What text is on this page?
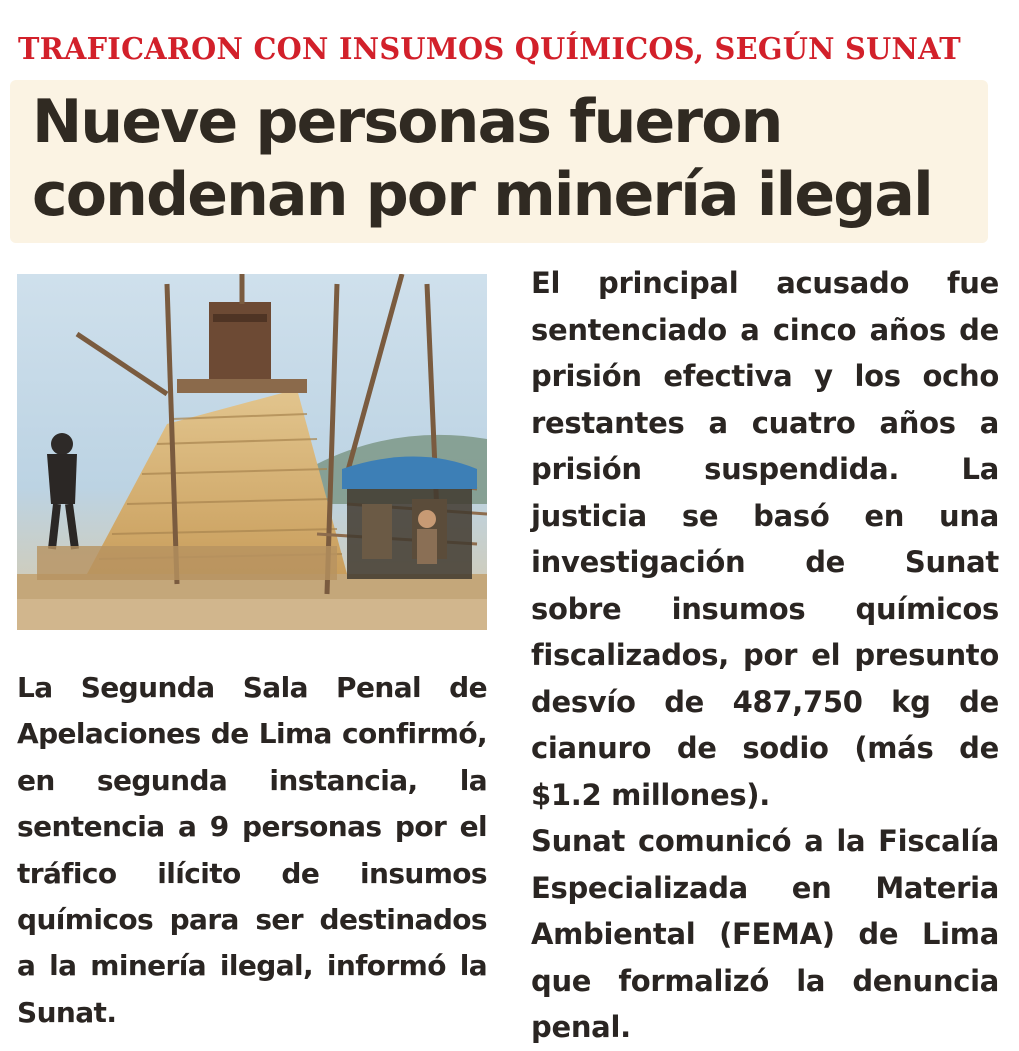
TRAFICARON CON INSUMOS QUÍMICOS, SEGÚN SUNAT
Nueve personas fueron
condenan por minería ilegal

La Segunda Sala Penal de Apelaciones de Lima confirmó, en segunda instancia, la sentencia a 9 personas por el tráfico ilícito de insumos químicos para ser destinados a la minería ilegal, informó la Sunat.

El principal acusado fue sentenciado a cinco años de prisión efectiva y los ocho restantes a cuatro años a prisión suspendida. La justicia se basó en una investigación de Sunat sobre insumos químicos fiscalizados, por el presunto desvío de 487,750 kg de cianuro de sodio (más de $1.2 millones).

Sunat comunicó a la Fiscalía Especializada en Materia Ambiental (FEMA) de Lima que formalizó la denuncia penal.
